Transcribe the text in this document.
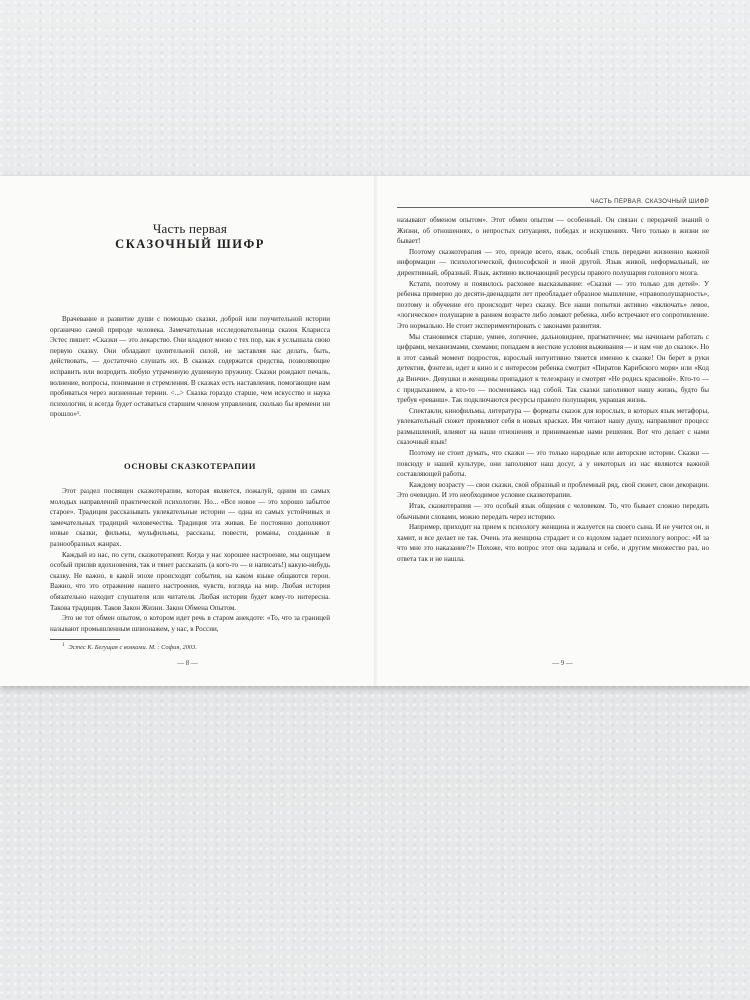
Часть первая
СКАЗОЧНЫЙ ШИФР

Врачевание и развитие души с помощью сказки, доброй или поучительной истории органично самой природе человека. Замечательная исследовательница сказок Кларисса Эстес пишет: «Сказки — это лекарство. Они владеют мною с тех пор, как я услышала свою первую сказку. Они обладают целительной силой, не заставляя нас делать, быть, действовать, — достаточно слушать их. В сказках содержатся средства, позволяющие исправить или возродить любую утраченную душевную пружину. Сказки рождают печаль, волнение, вопросы, понимание и стремления. В сказках есть наставления, помогающие нам пробиваться через жизненные тернии. <...> Сказка гораздо старше, чем искусство и наука психологии, и всегда будет оставаться старшим членом управления, сколько бы времени ни прошло»¹.

ОСНОВЫ СКАЗКОТЕРАПИИ

Этот раздел посвящен сказкотерапии, которая является, пожалуй, одним из самых молодых направлений практической психологии. Но... «Все новое — это хорошо забытое старое». Традиция рассказывать увлекательные истории — одна из самых устойчивых и замечательных традиций человечества. Традиция эта живая. Ее постоянно дополняют новые сказки, фильмы, мульфильмы, рассказы, повести, романы, созданные в разнообразных жанрах.

Каждый из нас, по сути, сказкотерапевт. Когда у нас хорошее настроение, мы ощущаем особый прилив вдохновения, так и тянет рассказать (а кого-то — и написать!) какую-нибудь сказку. Не важно, в какой эпохе происходят события, на каком языке общаются герои. Важно, что это отражение нашего настроения, чувств, взгляда на мир. Любая история обязательно находит слушателя или читателя. Любая история будет кому-то интересна. Такова традиция. Таков Закон Жизни. Закон Обмена Опытом.

Это не тот обмен опытом, о котором идет речь в старом анекдоте: «То, что за границей называют промышленным шпионажем, у нас, в России,

$^1$ Эстес К. Бегущая с волками. М. : София, 2003.
— 8 —
ЧАСТЬ ПЕРВАЯ. СКАЗОЧНЫЙ ШИФР

называют обменом опытом». Этот обмен опытом — особенный. Он связан с передачей знаний о Жизни, об отношениях, о непростых ситуациях, победах и искушениях. Чего только в жизни не бывает!

Поэтому сказкотерапия — это, прежде всего, язык, особый стиль передачи жизненно важной информации — психологической, философской и иной другой. Язык живой, неформальный, не директивный, образный. Язык, активно включающий ресурсы правого полушария головного мозга.

Кстати, поэтому и появилось расхожее высказывание: «Сказки — это только для детей». У ребенка примерно до десяти-двенадцати лет преобладает образное мышление, «правополушарность», поэтому и обучение его происходит через сказку. Все наши попытки активно «включать» левое, «логическое» полушарие в раннем возрасте либо ломают ребенка, либо встречают его сопротивление. Это нормально. Не стоит экспериментировать с законами развития.

Мы становимся старше, умнее, логичнее, дальновиднее, прагматичнее; мы начинаем работать с цифрами, механизмами, схемами; попадаем в жесткие условия выживания — и нам «не до сказок». Но в этот самый момент подросток, взрослый интуитивно тянется именно к сказке! Он берет в руки детектив, фэнтези, идет в кино и с интересом ребенка смотрит «Пиратов Карибского моря» или «Код да Винчи». Девушки и женщины припадают к телеэкрану и смотрят «Не родись красивой». Кто-то — с придыханием, а кто-то — посмеиваясь над собой. Так сказки заполняют нашу жизнь, будто бы требуя «реванш». Так подключаются ресурсы правого полушария, украшая жизнь.

Спектакли, кинофильмы, литература — форматы сказок для взрослых, в которых язык метафоры, увлекательный сюжет проявляют себя в новых красках. Им читают нашу душу, направляют процесс размышлений, влияют на наши отношения и принимаемые нами решения. Вот что делает с нами сказочный язык!

Поэтому не стоит думать, что сказки — это только народные или авторские истории. Сказки — повсюду в нашей культуре, они заполняют наш досуг, а у некоторых из нас являются важной составляющей работы.

Каждому возрасту — свои сказки, свой образный и проблемный ряд, свой сюжет, свои декорации. Это очевидно. И это необходимое условие сказкотерапии.

Итак, сказкотерапия — это особый язык общения с человеком. То, что бывает сложно передать обычными словами, можно передать через историю.

Например, приходит на прием к психологу женщина и жалуется на своего сына. И не учится он, и хамит, и все делает не так. Очень эта женщина страдает и со вздохом задает психологу вопрос: «И за что мне это наказание?!» Похоже, что вопрос этот она задавала и себе, и другим множество раз, но ответа так и не нашла.

— 9 —
